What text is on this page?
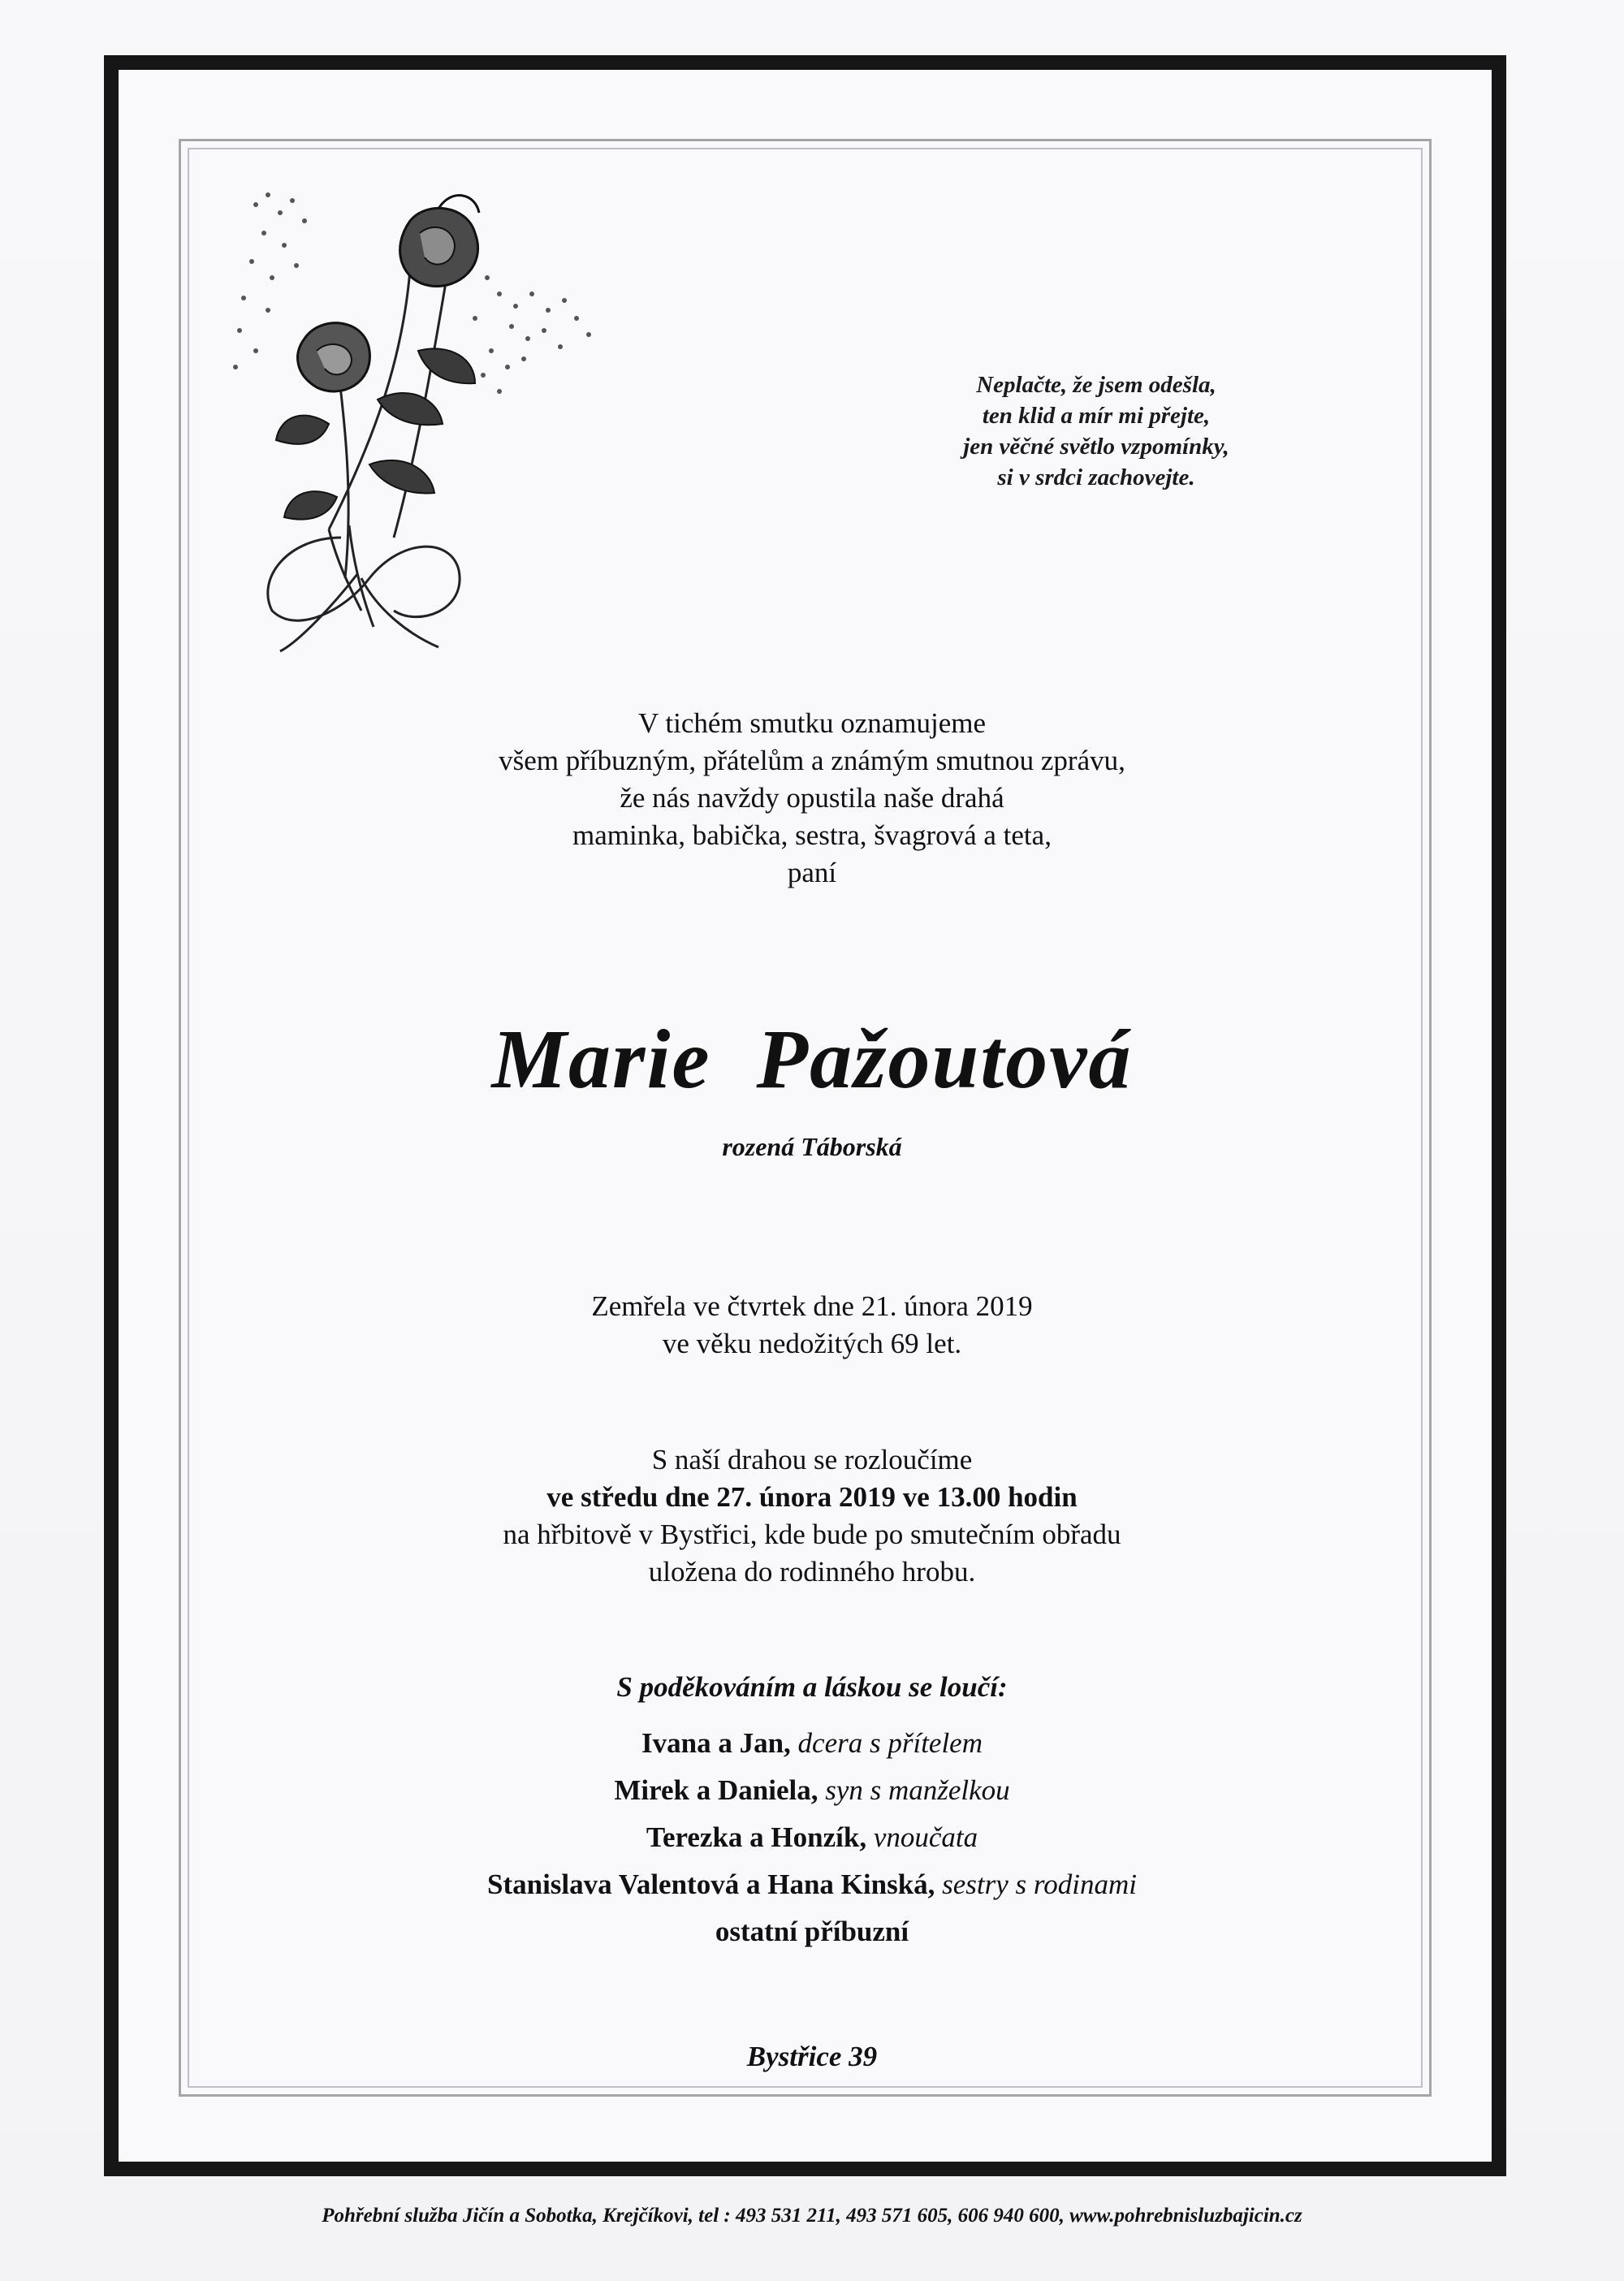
Neplačte, že jsem odešla,
ten klid a mír mi přejte,
jen věčné světlo vzpomínky,
si v srdci zachovejte.
V tichém smutku oznamujeme
všem příbuzným, přátelům a známým smutnou zprávu,
že nás navždy opustila naše drahá
maminka, babička, sestra, švagrová a teta,
paní
Marie  Pažoutová
rozená Táborská
Zemřela ve čtvrtek dne 21. února 2019
ve věku nedožitých 69 let.
S naší drahou se rozloučíme
ve středu dne 27. února 2019 ve 13.00 hodin
na hřbitově v Bystřici, kde bude po smutečním obřadu
uložena do rodinného hrobu.
S poděkováním a láskou se loučí:
Ivana a Jan, dcera s přítelem
Mirek a Daniela, syn s manželkou
Terezka a Honzík, vnoučata
Stanislava Valentová a Hana Kinská, sestry s rodinami
ostatní příbuzní
Bystřice 39
Pohřební služba Jičín a Sobotka, Krejčíkovi, tel : 493 531 211, 493 571 605, 606 940 600, www.pohrebnisluzbajicin.cz
